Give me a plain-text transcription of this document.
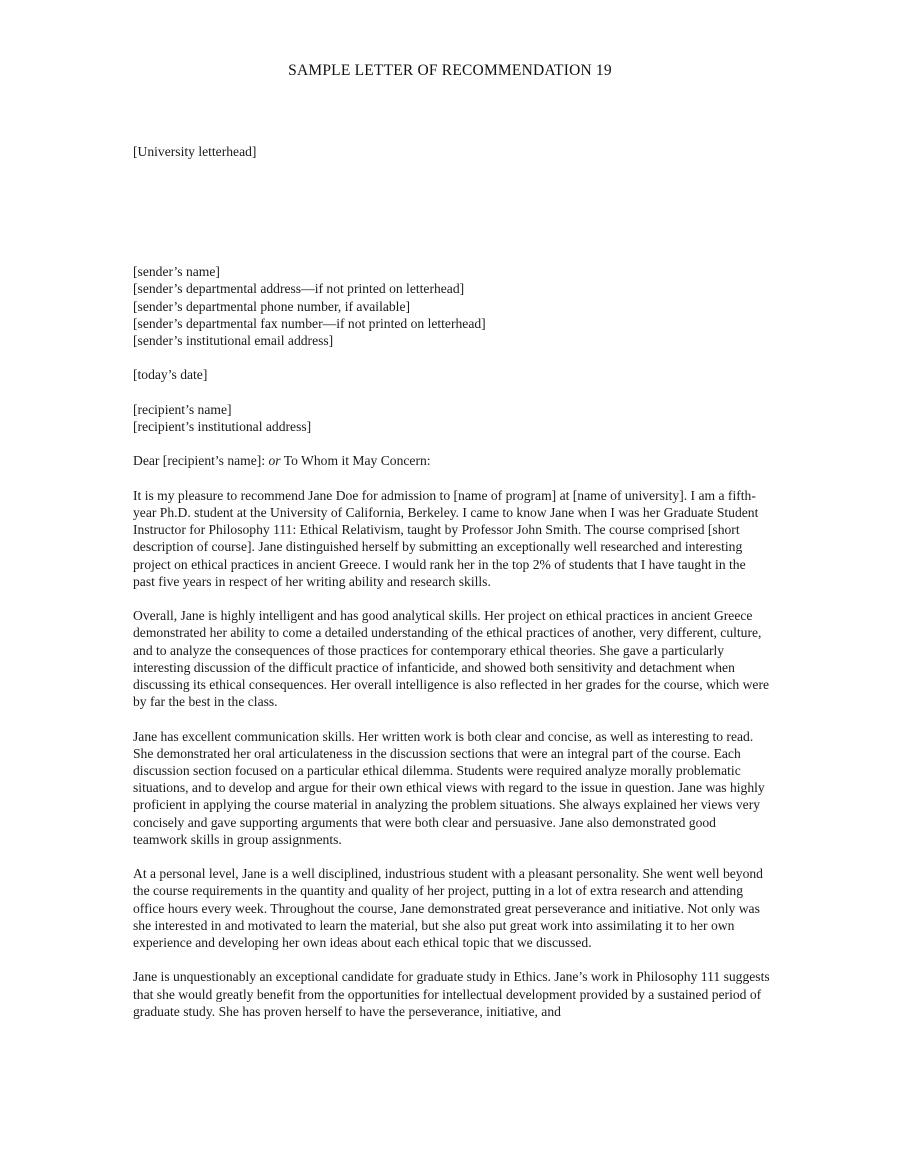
SAMPLE LETTER OF RECOMMENDATION 19
[University letterhead]
[sender’s name]
[sender’s departmental address—if not printed on letterhead]
[sender’s departmental phone number, if available]
[sender’s departmental fax number—if not printed on letterhead]
[sender’s institutional email address]
[today’s date]
[recipient’s name]
[recipient’s institutional address]
Dear [recipient’s name]: or To Whom it May Concern:

It is my pleasure to recommend Jane Doe for admission to [name of program] at [name of university]. I am a fifth-year Ph.D. student at the University of California, Berkeley. I came to know Jane when I was her Graduate Student Instructor for Philosophy 111: Ethical Relativism, taught by Professor John Smith. The course comprised [short description of course]. Jane distinguished herself by submitting an exceptionally well researched and interesting project on ethical practices in ancient Greece. I would rank her in the top 2% of students that I have taught in the past five years in respect of her writing ability and research skills.

Overall, Jane is highly intelligent and has good analytical skills. Her project on ethical practices in ancient Greece demonstrated her ability to come a detailed understanding of the ethical practices of another, very different, culture, and to analyze the consequences of those practices for contemporary ethical theories. She gave a particularly interesting discussion of the difficult practice of infanticide, and showed both sensitivity and detachment when discussing its ethical consequences. Her overall intelligence is also reflected in her grades for the course, which were by far the best in the class.

Jane has excellent communication skills. Her written work is both clear and concise, as well as interesting to read. She demonstrated her oral articulateness in the discussion sections that were an integral part of the course. Each discussion section focused on a particular ethical dilemma. Students were required analyze morally problematic situations, and to develop and argue for their own ethical views with regard to the issue in question. Jane was highly proficient in applying the course material in analyzing the problem situations. She always explained her views very concisely and gave supporting arguments that were both clear and persuasive. Jane also demonstrated good teamwork skills in group assignments.

At a personal level, Jane is a well disciplined, industrious student with a pleasant personality. She went well beyond the course requirements in the quantity and quality of her project, putting in a lot of extra research and attending office hours every week. Throughout the course, Jane demonstrated great perseverance and initiative. Not only was she interested in and motivated to learn the material, but she also put great work into assimilating it to her own experience and developing her own ideas about each ethical topic that we discussed.

Jane is unquestionably an exceptional candidate for graduate study in Ethics. Jane’s work in Philosophy 111 suggests that she would greatly benefit from the opportunities for intellectual development provided by a sustained period of graduate study. She has proven herself to have the perseverance, initiative, and
